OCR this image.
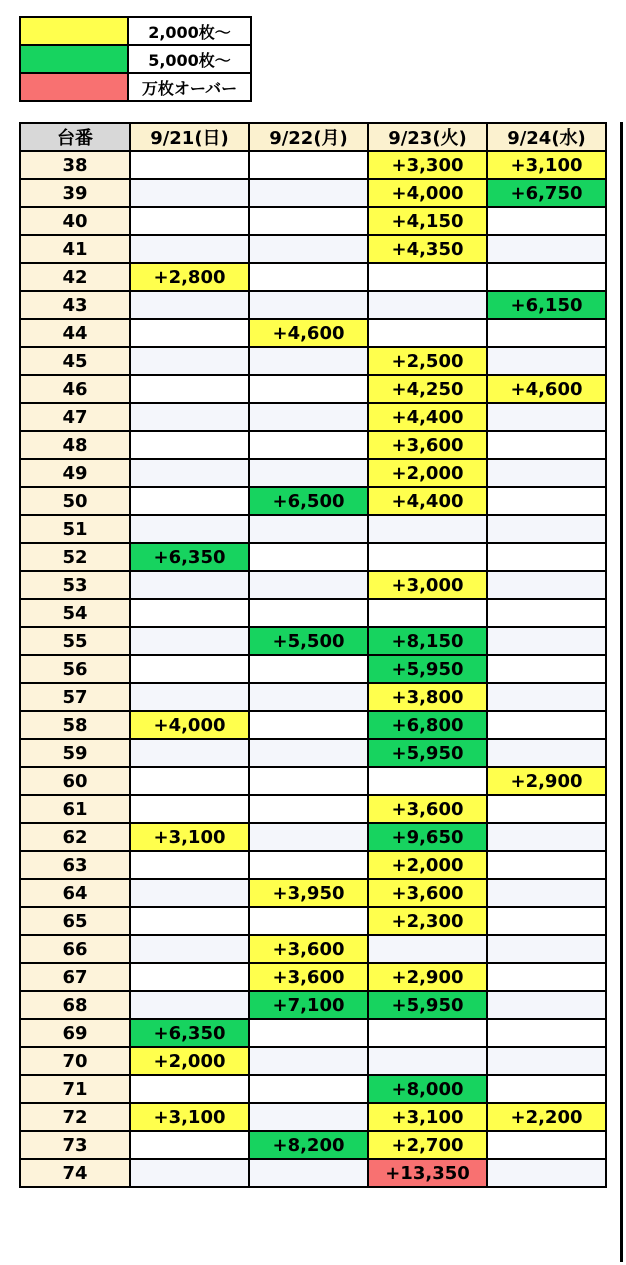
	2,000枚〜
	5,000枚〜
	万枚オーバー
台番	9/21(日)	9/22(月)	9/23(火)	9/24(水)
38			+3,300	+3,100
39			+4,000	+6,750
40			+4,150	
41			+4,350	
42	+2,800			
43				+6,150
44		+4,600		
45			+2,500	
46			+4,250	+4,600
47			+4,400	
48			+3,600	
49			+2,000	
50		+6,500	+4,400	
51				
52	+6,350			
53			+3,000	
54				
55		+5,500	+8,150	
56			+5,950	
57			+3,800	
58	+4,000		+6,800	
59			+5,950	
60				+2,900
61			+3,600	
62	+3,100		+9,650	
63			+2,000	
64		+3,950	+3,600	
65			+2,300	
66		+3,600		
67		+3,600	+2,900	
68		+7,100	+5,950	
69	+6,350			
70	+2,000			
71			+8,000	
72	+3,100		+3,100	+2,200
73		+8,200	+2,700	
74			+13,350	
